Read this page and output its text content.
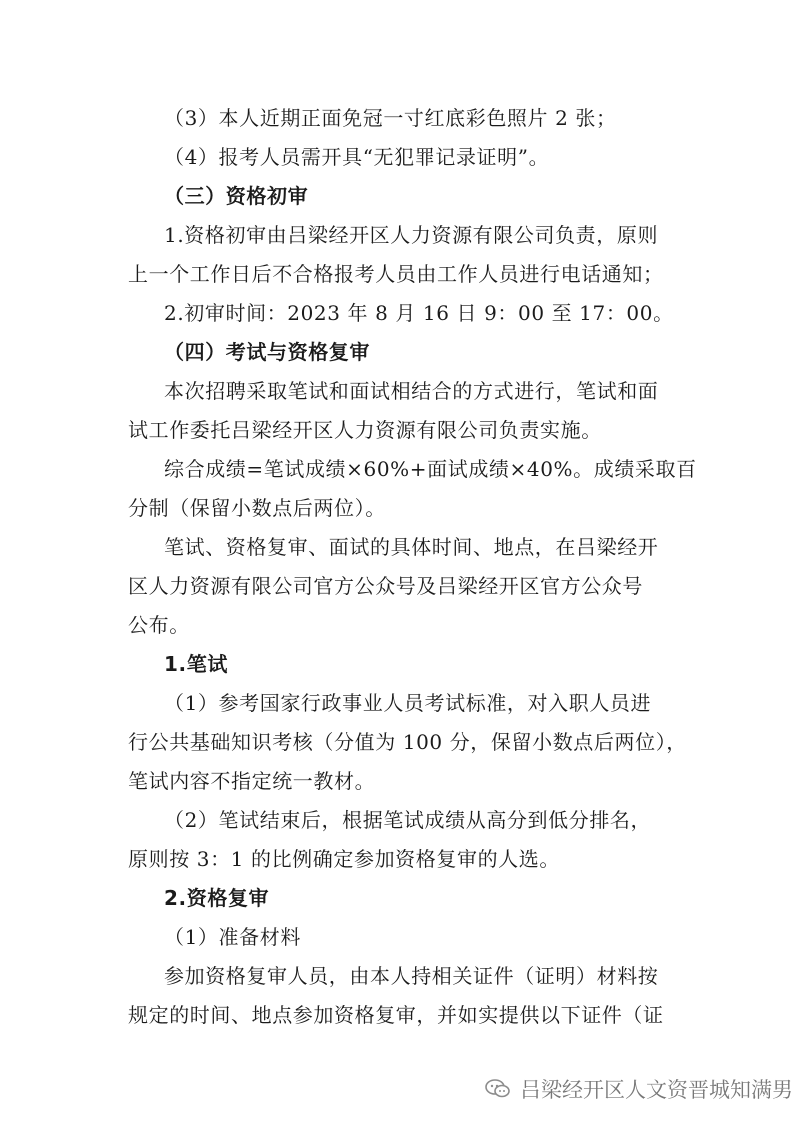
（3）本人近期正面免冠一寸红底彩色照片 2 张；
（4）报考人员需开具“无犯罪记录证明”。
（三）资格初审
1.资格初审由吕梁经开区人力资源有限公司负责，原则
上一个工作日后不合格报考人员由工作人员进行电话通知；
2.初审时间：2023 年 8 月 16 日 9：00 至 17：00。
（四）考试与资格复审
本次招聘采取笔试和面试相结合的方式进行，笔试和面
试工作委托吕梁经开区人力资源有限公司负责实施。
综合成绩=笔试成绩×60%+面试成绩×40%。成绩采取百
分制（保留小数点后两位）。
笔试、资格复审、面试的具体时间、地点，在吕梁经开
区人力资源有限公司官方公众号及吕梁经开区官方公众号
公布。
1.笔试
（1）参考国家行政事业人员考试标准，对入职人员进
行公共基础知识考核（分值为 100 分，保留小数点后两位），
笔试内容不指定统一教材。
（2）笔试结束后，根据笔试成绩从高分到低分排名，
原则按 3：1 的比例确定参加资格复审的人选。
2.资格复审
（1）准备材料
参加资格复审人员，由本人持相关证件（证明）材料按
规定的时间、地点参加资格复审，并如实提供以下证件（证
吕梁经开区人文资晋城知满男
